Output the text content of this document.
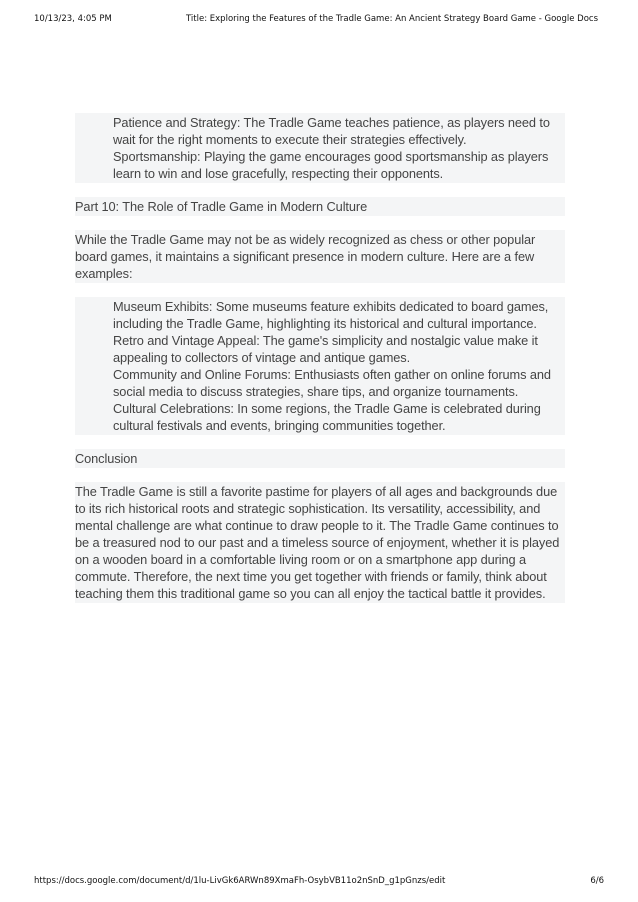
10/13/23, 4:05 PM	Title: Exploring the Features of the Tradle Game: An Ancient Strategy Board Game - Google Docs

Patience and Strategy: The Tradle Game teaches patience, as players need to wait for the right moments to execute their strategies effectively.

Sportsmanship: Playing the game encourages good sportsmanship as players learn to win and lose gracefully, respecting their opponents.

Part 10: The Role of Tradle Game in Modern Culture

While the Tradle Game may not be as widely recognized as chess or other popular board games, it maintains a significant presence in modern culture. Here are a few examples:

Museum Exhibits: Some museums feature exhibits dedicated to board games, including the Tradle Game, highlighting its historical and cultural importance.

Retro and Vintage Appeal: The game's simplicity and nostalgic value make it appealing to collectors of vintage and antique games.

Community and Online Forums: Enthusiasts often gather on online forums and social media to discuss strategies, share tips, and organize tournaments.

Cultural Celebrations: In some regions, the Tradle Game is celebrated during cultural festivals and events, bringing communities together.

Conclusion

The Tradle Game is still a favorite pastime for players of all ages and backgrounds due to its rich historical roots and strategic sophistication. Its versatility, accessibility, and mental challenge are what continue to draw people to it. The Tradle Game continues to be a treasured nod to our past and a timeless source of enjoyment, whether it is played on a wooden board in a comfortable living room or on a smartphone app during a commute. Therefore, the next time you get together with friends or family, think about teaching them this traditional game so you can all enjoy the tactical battle it provides.

https://docs.google.com/document/d/1lu-LivGk6ARWn89XmaFh-OsybVB11o2nSnD_g1pGnzs/edit	6/6
